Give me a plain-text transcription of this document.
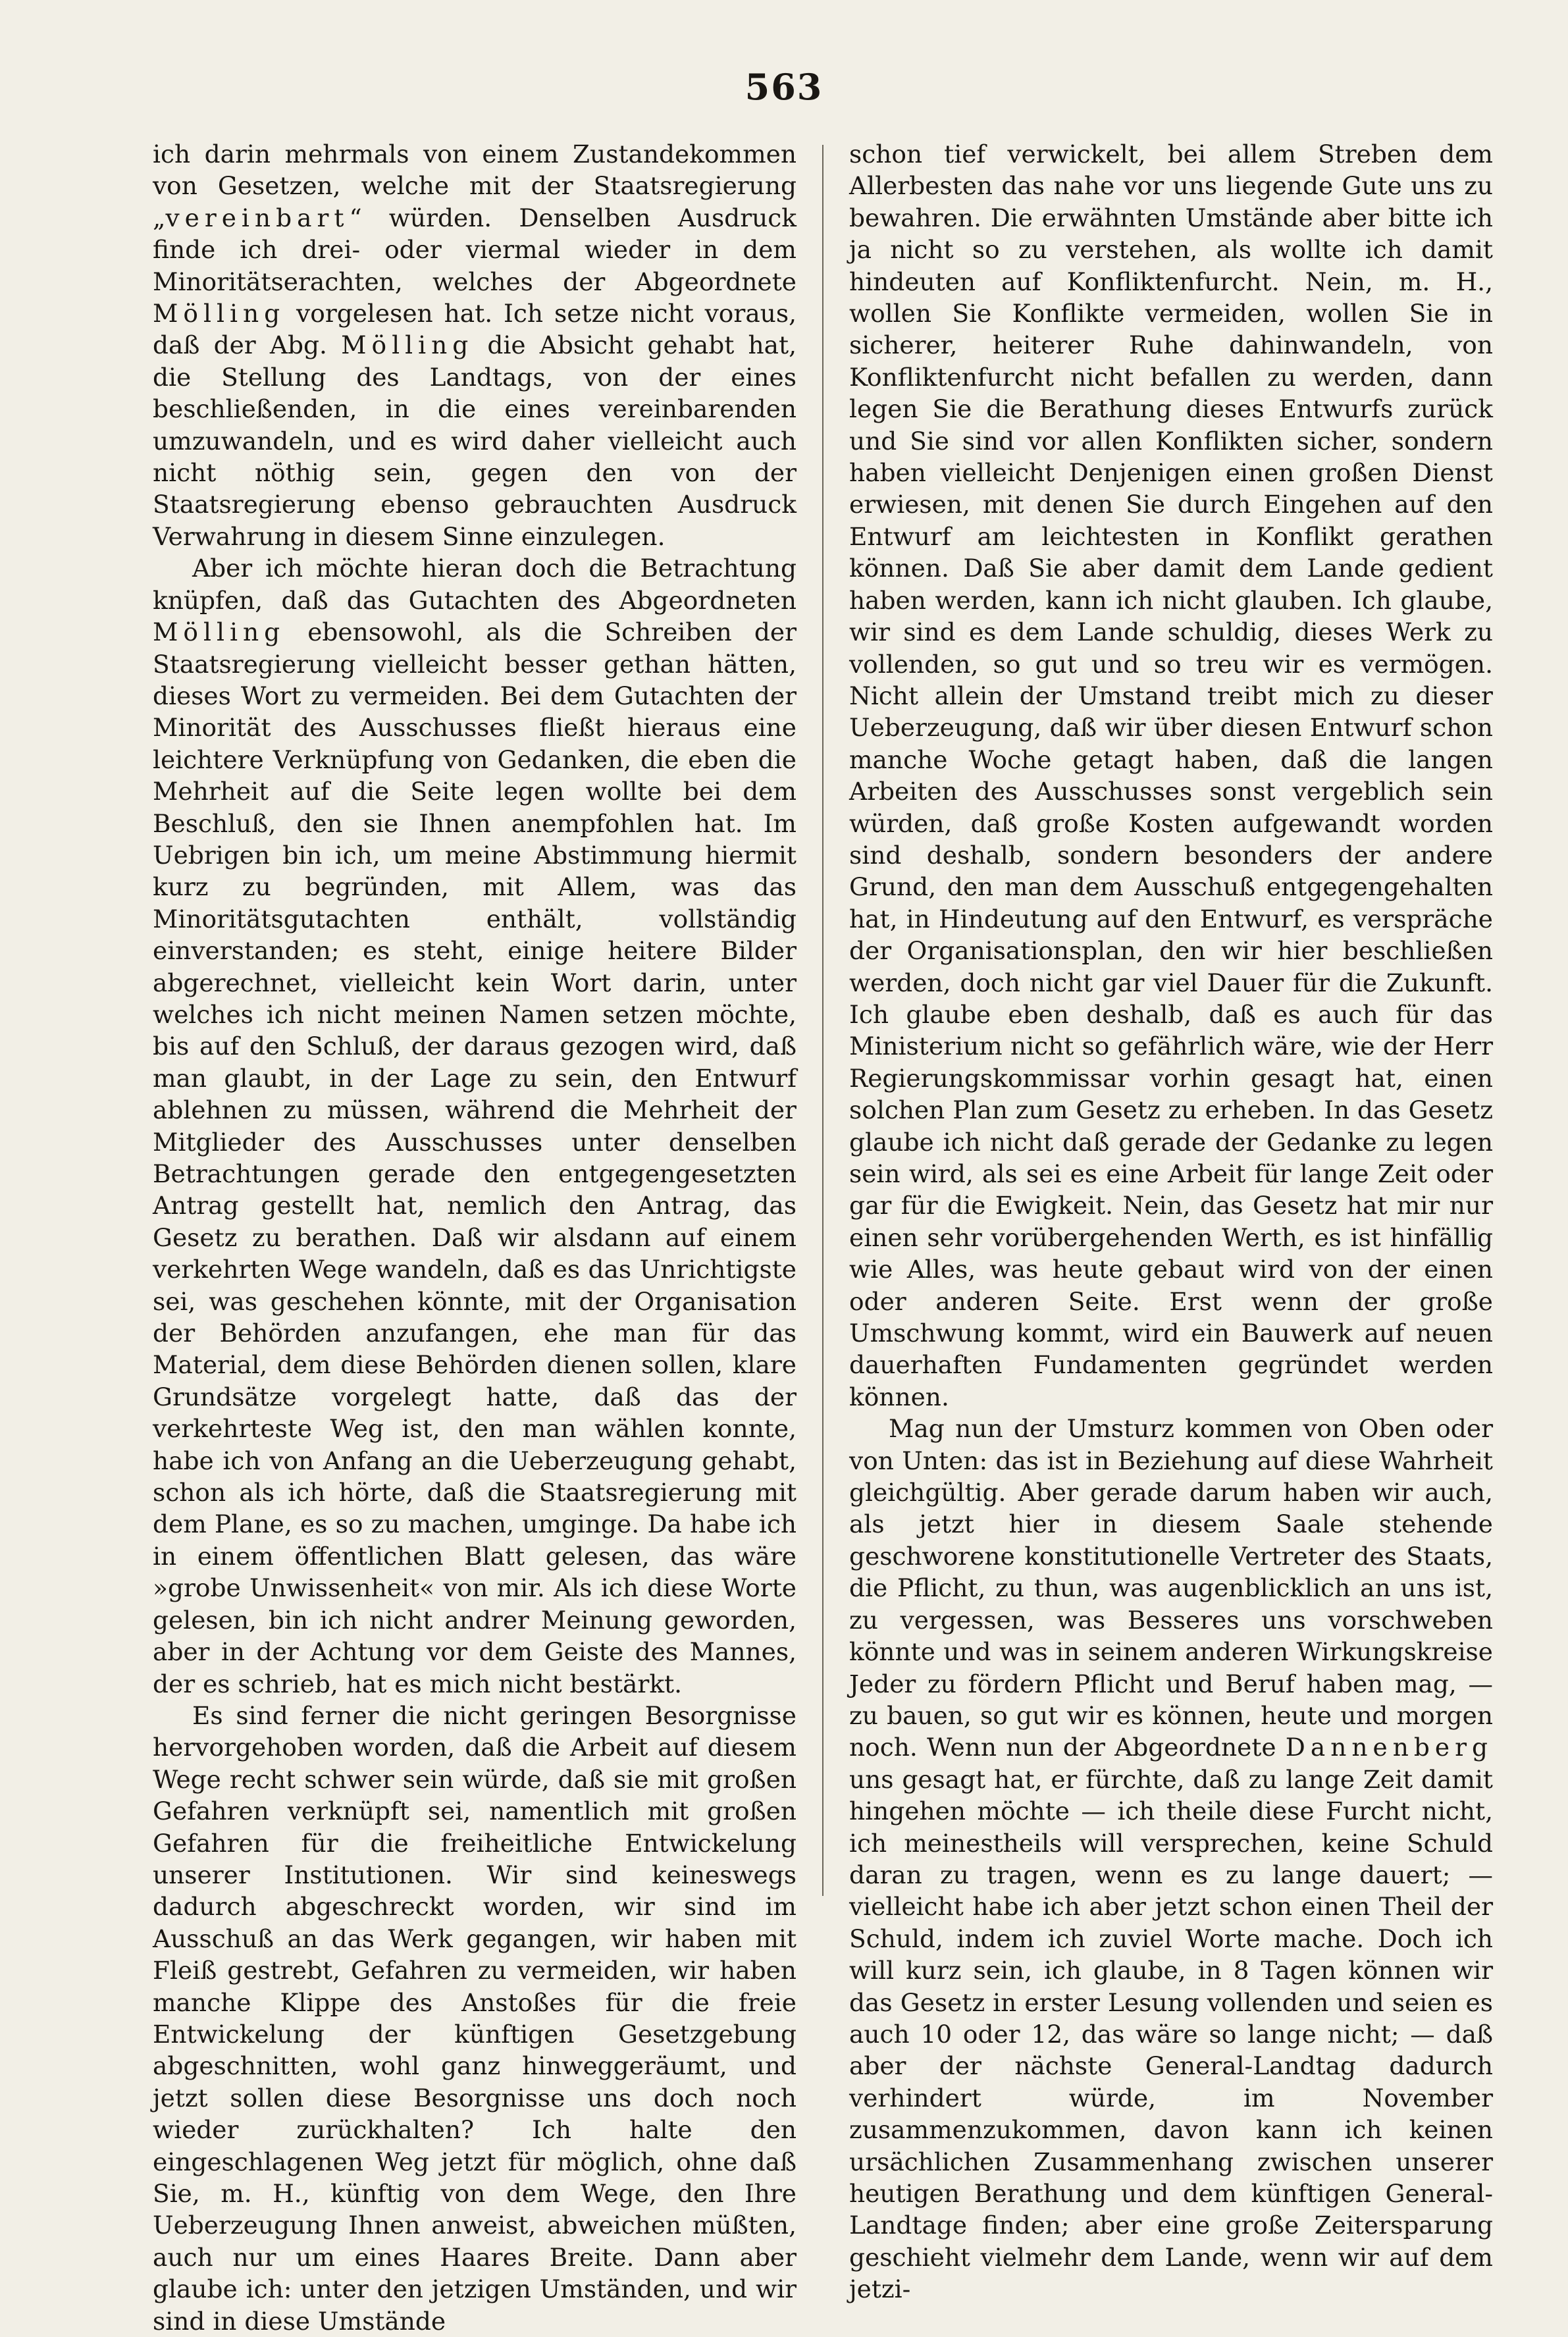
563

ich darin mehrmals von einem Zustandekommen von Gesetzen, welche mit der Staatsregierung „vereinbart“ würden. Denselben Ausdruck finde ich drei- oder viermal wieder in dem Minoritätserachten, welches der Abgeordnete Mölling vorgelesen hat. Ich setze nicht voraus, daß der Abg. Mölling die Absicht gehabt hat, die Stellung des Landtags, von der eines beschließenden, in die eines vereinbarenden umzuwandeln, und es wird daher vielleicht auch nicht nöthig sein, gegen den von der Staatsregierung ebenso gebrauchten Ausdruck Verwahrung in diesem Sinne einzulegen.

Aber ich möchte hieran doch die Betrachtung knüpfen, daß das Gutachten des Abgeordneten Mölling ebensowohl, als die Schreiben der Staatsregierung vielleicht besser gethan hätten, dieses Wort zu vermeiden. Bei dem Gutachten der Minorität des Ausschusses fließt hieraus eine leichtere Verknüpfung von Gedanken, die eben die Mehrheit auf die Seite legen wollte bei dem Beschluß, den sie Ihnen anempfohlen hat. Im Uebrigen bin ich, um meine Abstimmung hiermit kurz zu begründen, mit Allem, was das Minoritätsgutachten enthält, vollständig einverstanden; es steht, einige heitere Bilder abgerechnet, vielleicht kein Wort darin, unter welches ich nicht meinen Namen setzen möchte, bis auf den Schluß, der daraus gezogen wird, daß man glaubt, in der Lage zu sein, den Entwurf ablehnen zu müssen, während die Mehrheit der Mitglieder des Ausschusses unter denselben Betrachtungen gerade den entgegengesetzten Antrag gestellt hat, nemlich den Antrag, das Gesetz zu berathen. Daß wir alsdann auf einem verkehrten Wege wandeln, daß es das Unrichtigste sei, was geschehen könnte, mit der Organisation der Behörden anzufangen, ehe man für das Material, dem diese Behörden dienen sollen, klare Grundsätze vorgelegt hatte, daß das der verkehrteste Weg ist, den man wählen konnte, habe ich von Anfang an die Ueberzeugung gehabt, schon als ich hörte, daß die Staatsregierung mit dem Plane, es so zu machen, umginge. Da habe ich in einem öffentlichen Blatt gelesen, das wäre »grobe Unwissenheit« von mir. Als ich diese Worte gelesen, bin ich nicht andrer Meinung geworden, aber in der Achtung vor dem Geiste des Mannes, der es schrieb, hat es mich nicht bestärkt.

Es sind ferner die nicht geringen Besorgnisse hervorgehoben worden, daß die Arbeit auf diesem Wege recht schwer sein würde, daß sie mit großen Gefahren verknüpft sei, namentlich mit großen Gefahren für die freiheitliche Entwickelung unserer Institutionen. Wir sind keineswegs dadurch abgeschreckt worden, wir sind im Ausschuß an das Werk gegangen, wir haben mit Fleiß gestrebt, Gefahren zu vermeiden, wir haben manche Klippe des Anstoßes für die freie Entwickelung der künftigen Gesetzgebung abgeschnitten, wohl ganz hinweggeräumt, und jetzt sollen diese Besorgnisse uns doch noch wieder zurückhalten? Ich halte den eingeschlagenen Weg jetzt für möglich, ohne daß Sie, m. H., künftig von dem Wege, den Ihre Ueberzeugung Ihnen anweist, abweichen müßten, auch nur um eines Haares Breite. Dann aber glaube ich: unter den jetzigen Umständen, und wir sind in diese Umstände

schon tief verwickelt, bei allem Streben dem Allerbesten das nahe vor uns liegende Gute uns zu bewahren. Die erwähnten Umstände aber bitte ich ja nicht so zu verstehen, als wollte ich damit hindeuten auf Konfliktenfurcht. Nein, m. H., wollen Sie Konflikte vermeiden, wollen Sie in sicherer, heiterer Ruhe dahinwandeln, von Konfliktenfurcht nicht befallen zu werden, dann legen Sie die Berathung dieses Entwurfs zurück und Sie sind vor allen Konflikten sicher, sondern haben vielleicht Denjenigen einen großen Dienst erwiesen, mit denen Sie durch Eingehen auf den Entwurf am leichtesten in Konflikt gerathen können. Daß Sie aber damit dem Lande gedient haben werden, kann ich nicht glauben. Ich glaube, wir sind es dem Lande schuldig, dieses Werk zu vollenden, so gut und so treu wir es vermögen. Nicht allein der Umstand treibt mich zu dieser Ueberzeugung, daß wir über diesen Entwurf schon manche Woche getagt haben, daß die langen Arbeiten des Ausschusses sonst vergeblich sein würden, daß große Kosten aufgewandt worden sind deshalb, sondern besonders der andere Grund, den man dem Ausschuß entgegengehalten hat, in Hindeutung auf den Entwurf, es verspräche der Organisationsplan, den wir hier beschließen werden, doch nicht gar viel Dauer für die Zukunft. Ich glaube eben deshalb, daß es auch für das Ministerium nicht so gefährlich wäre, wie der Herr Regierungskommissar vorhin gesagt hat, einen solchen Plan zum Gesetz zu erheben. In das Gesetz glaube ich nicht daß gerade der Gedanke zu legen sein wird, als sei es eine Arbeit für lange Zeit oder gar für die Ewigkeit. Nein, das Gesetz hat mir nur einen sehr vorübergehenden Werth, es ist hinfällig wie Alles, was heute gebaut wird von der einen oder anderen Seite. Erst wenn der große Umschwung kommt, wird ein Bauwerk auf neuen dauerhaften Fundamenten gegründet werden können.

Mag nun der Umsturz kommen von Oben oder von Unten: das ist in Beziehung auf diese Wahrheit gleichgültig. Aber gerade darum haben wir auch, als jetzt hier in diesem Saale stehende geschworene konstitutionelle Vertreter des Staats, die Pflicht, zu thun, was augenblicklich an uns ist, zu vergessen, was Besseres uns vorschweben könnte und was in seinem anderen Wirkungskreise Jeder zu fördern Pflicht und Beruf haben mag, — zu bauen, so gut wir es können, heute und morgen noch. Wenn nun der Abgeordnete Dannenberg uns gesagt hat, er fürchte, daß zu lange Zeit damit hingehen möchte — ich theile diese Furcht nicht, ich meinestheils will versprechen, keine Schuld daran zu tragen, wenn es zu lange dauert; — vielleicht habe ich aber jetzt schon einen Theil der Schuld, indem ich zuviel Worte mache. Doch ich will kurz sein, ich glaube, in 8 Tagen können wir das Gesetz in erster Lesung vollenden und seien es auch 10 oder 12, das wäre so lange nicht; — daß aber der nächste General-Landtag dadurch verhindert würde, im November zusammenzukommen, davon kann ich keinen ursächlichen Zusammenhang zwischen unserer heutigen Berathung und dem künftigen General-Landtage finden; aber eine große Zeitersparung geschieht vielmehr dem Lande, wenn wir auf dem jetzi-
